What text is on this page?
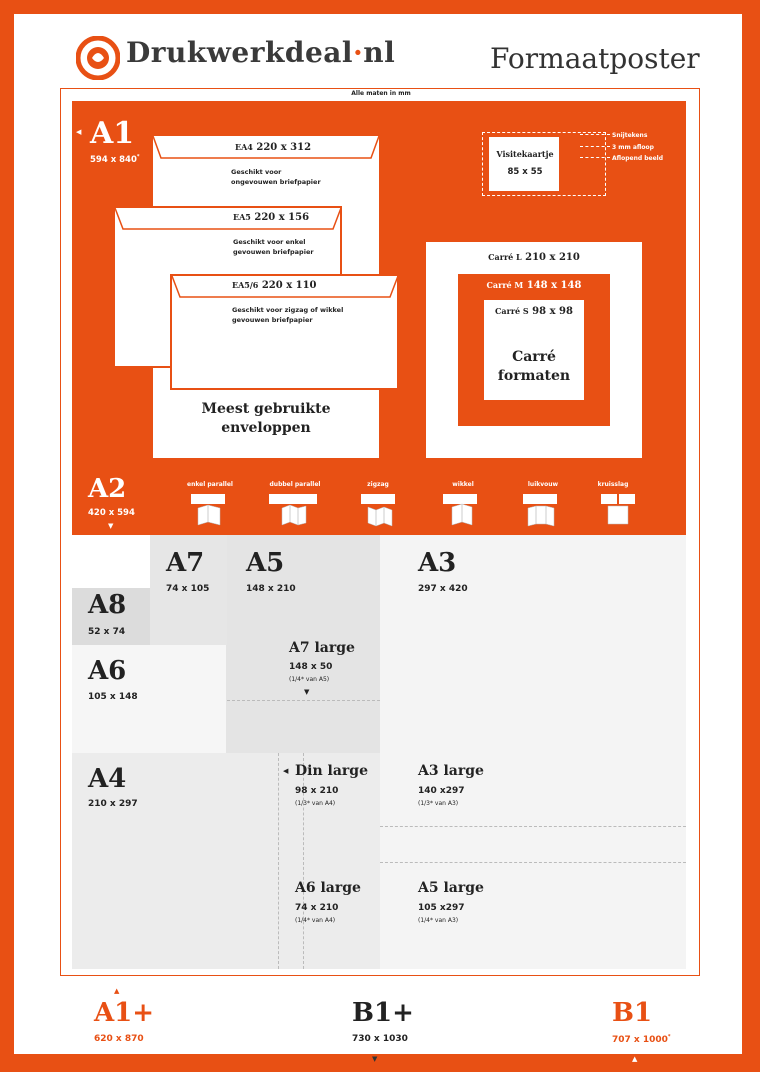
Drukwerkdeal·nl	Formaatposter
Alle maten in mm
◀ A1
594 x 840*	Visitekaartje
85 x 55
Snijtekens
3 mm afloop
Aflopend beeld
EA4 220 x 312
Geschikt voor
ongevouwen briefpapier
EA5 220 x 156
Geschikt voor enkel
gevouwen briefpapier
EA5/6 220 x 110
Geschikt voor zigzag of wikkel
gevouwen briefpapier
Meest gebruikte
enveloppen
Carré L 210 x 210
Carré M 148 x 148
Carré S 98 x 98
Carré
formaten
A2
420 x 594
▼
enkel parallel	dubbel parallel	zigzag	wikkel	luikvouw	kruisslag
A7
74 x 105
A5
148 x 210
A3
297 x 420
A8
52 x 74
A6
105 x 148
A7 large
148 x 50
(1/4* van A5)
▼
A4
210 x 297
◀ Din large
98 x 210
(1/3* van A4)
A3 large
140 x297
(1/3* van A3)
A6 large
74 x 210
(1/4* van A4)
A5 large
105 x297
(1/4* van A3)
▲
A1+
620 x 870
B1+
730 x 1030
▼
B1
707 x 1000*
▲
